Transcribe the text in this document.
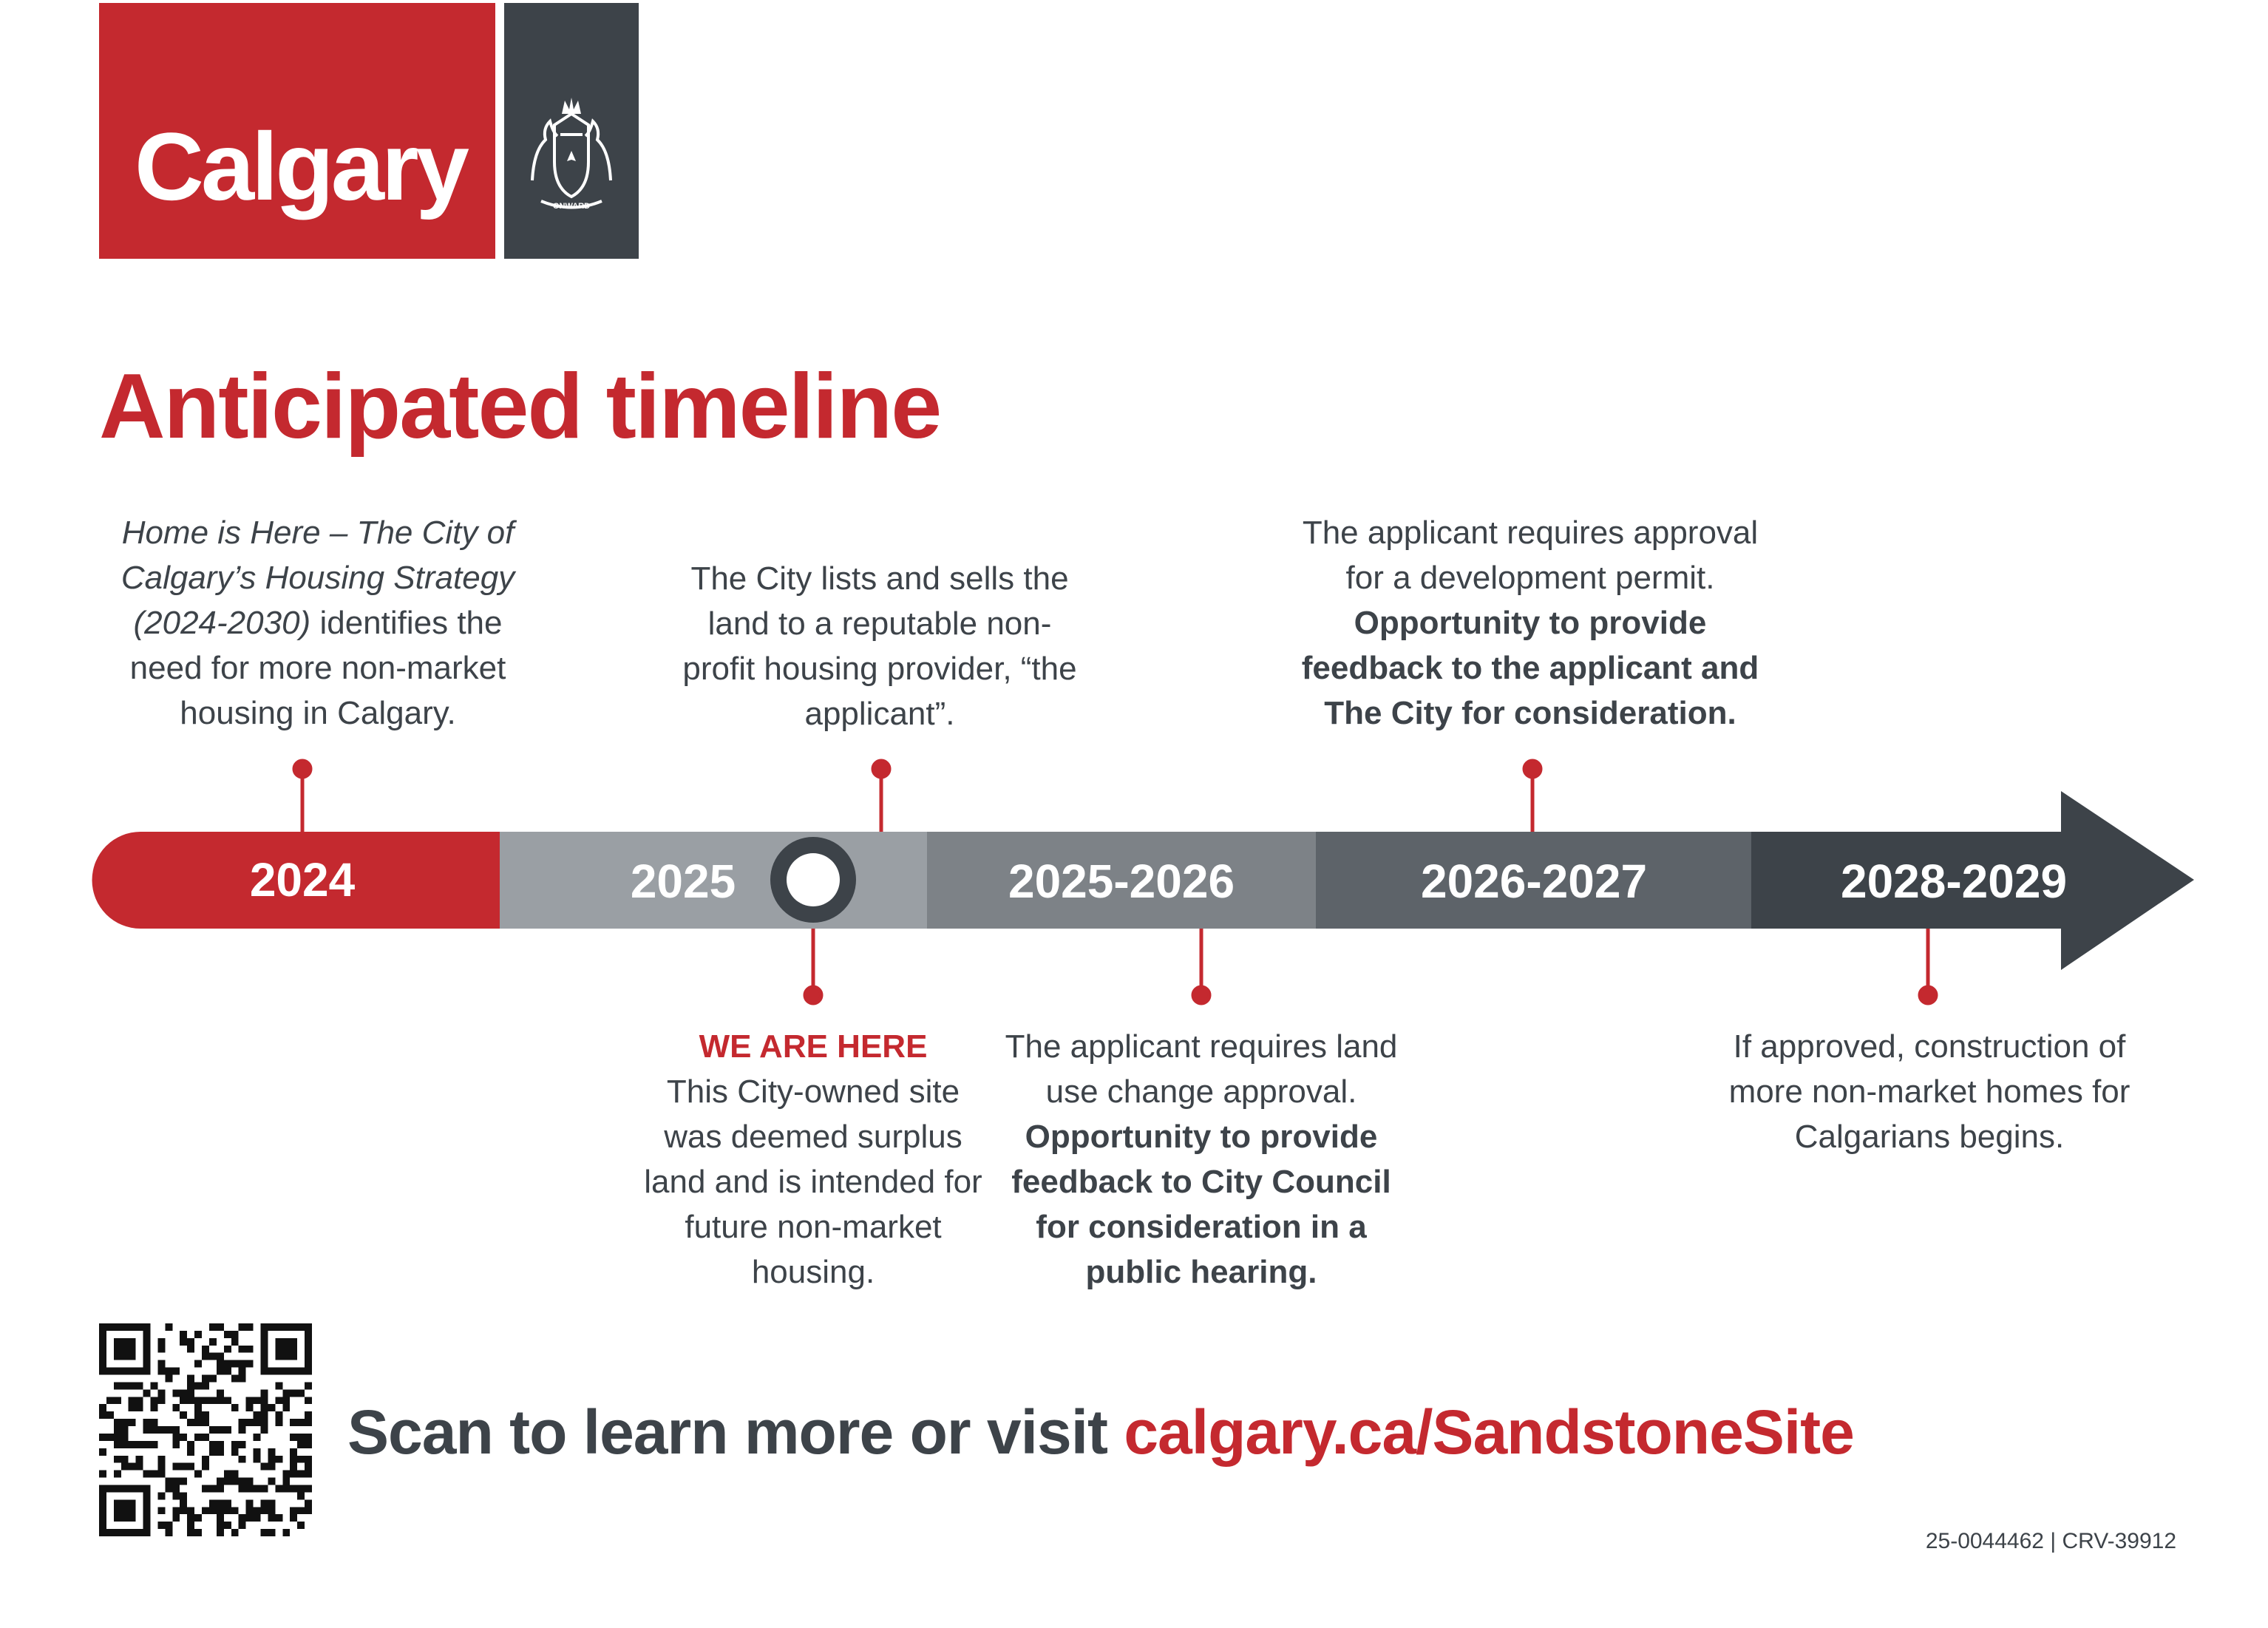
Calgary	ONWARD
Anticipated timeline
2024	2025	2025-2026	2026-2027	2028-2029
Home is Here – The City of Calgary’s Housing Strategy (2024-2030) identifies the need for more non-market housing in Calgary.
The City lists and sells the land to a reputable non-profit housing provider, “the applicant”.
WE ARE HERE
This City-owned site was deemed surplus land and is intended for future non-market housing.
The applicant requires land use change approval.
Opportunity to provide feedback to City Council for consideration in a public hearing.
The applicant requires approval for a development permit.
Opportunity to provide feedback to the applicant and The City for consideration.
If approved, construction of more non-market homes for Calgarians begins.
Scan to learn more or visit calgary.ca/SandstoneSite
25-0044462 | CRV-39912
